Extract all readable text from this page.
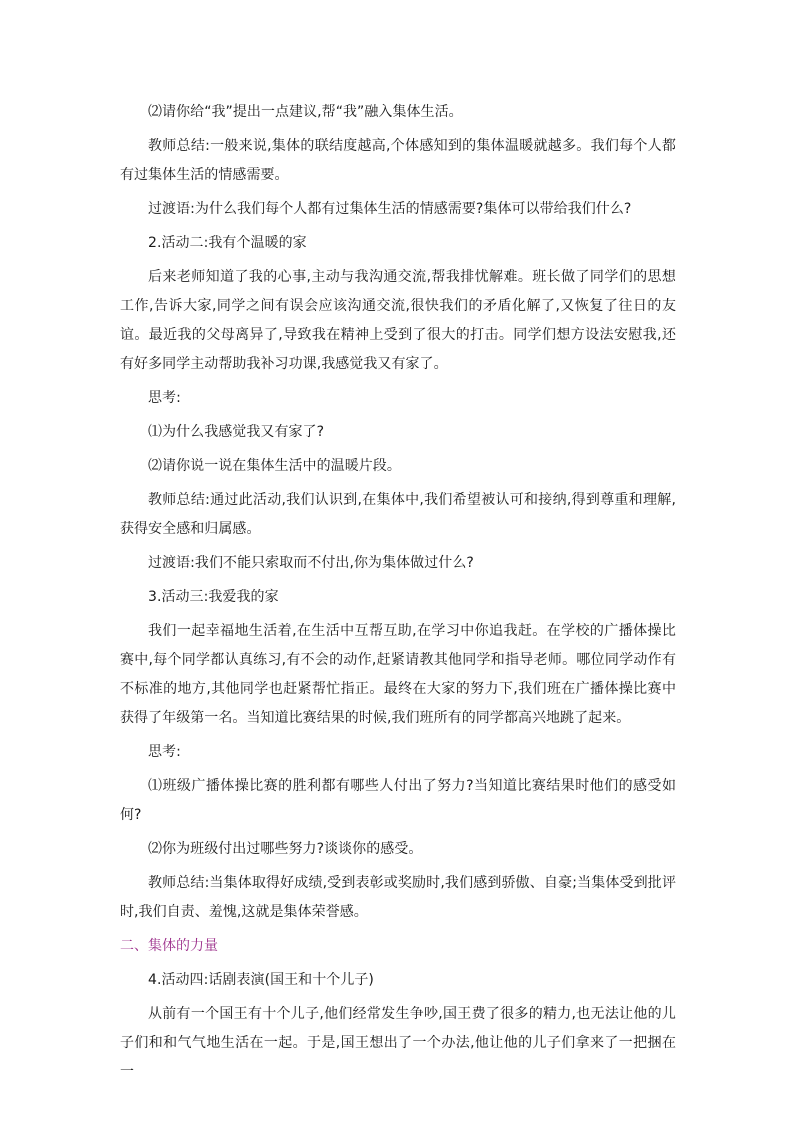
⑵请你给“我”提出一点建议,帮“我”融入集体生活。

教师总结:一般来说,集体的联结度越高,个体感知到的集体温暖就越多。我们每个人都有过集体生活的情感需要。

过渡语:为什么我们每个人都有过集体生活的情感需要?集体可以带给我们什么?

2.活动二:我有个温暖的家

后来老师知道了我的心事,主动与我沟通交流,帮我排忧解难。班长做了同学们的思想工作,告诉大家,同学之间有误会应该沟通交流,很快我们的矛盾化解了,又恢复了往日的友谊。最近我的父母离异了,导致我在精神上受到了很大的打击。同学们想方设法安慰我,还有好多同学主动帮助我补习功课,我感觉我又有家了。

思考:

⑴为什么我感觉我又有家了?

⑵请你说一说在集体生活中的温暖片段。

教师总结:通过此活动,我们认识到,在集体中,我们希望被认可和接纳,得到尊重和理解,获得安全感和归属感。

过渡语:我们不能只索取而不付出,你为集体做过什么?

3.活动三:我爱我的家

我们一起幸福地生活着,在生活中互帮互助,在学习中你追我赶。在学校的广播体操比赛中,每个同学都认真练习,有不会的动作,赶紧请教其他同学和指导老师。哪位同学动作有不标准的地方,其他同学也赶紧帮忙指正。最终在大家的努力下,我们班在广播体操比赛中获得了年级第一名。当知道比赛结果的时候,我们班所有的同学都高兴地跳了起来。

思考:

⑴班级广播体操比赛的胜利都有哪些人付出了努力?当知道比赛结果时他们的感受如何?

⑵你为班级付出过哪些努力?谈谈你的感受。

教师总结:当集体取得好成绩,受到表彰或奖励时,我们感到骄傲、自豪;当集体受到批评时,我们自责、羞愧,这就是集体荣誉感。

二、集体的力量

4.活动四:话剧表演(国王和十个儿子)

从前有一个国王有十个儿子,他们经常发生争吵,国王费了很多的精力,也无法让他的儿子们和和气气地生活在一起。于是,国王想出了一个办法,他让他的儿子们拿来了一把捆在一
